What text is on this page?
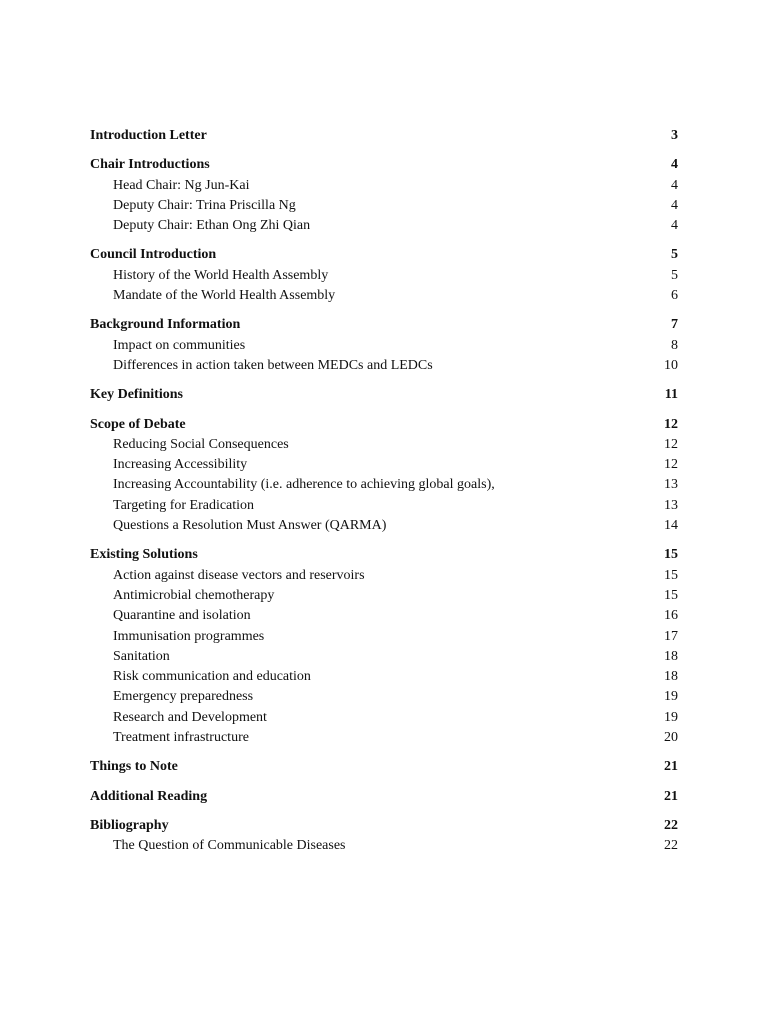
Introduction Letter	3
Chair Introductions	4
Head Chair: Ng Jun-Kai	4
Deputy Chair: Trina Priscilla Ng	4
Deputy Chair: Ethan Ong Zhi Qian	4
Council Introduction	5
History of the World Health Assembly	5
Mandate of the World Health Assembly	6
Background Information	7
Impact on communities	8
Differences in action taken between MEDCs and LEDCs	10
Key Definitions	11
Scope of Debate	12
Reducing Social Consequences	12
Increasing Accessibility	12
Increasing Accountability (i.e. adherence to achieving global goals),	13
Targeting for Eradication	13
Questions a Resolution Must Answer (QARMA)	14
Existing Solutions	15
Action against disease vectors and reservoirs	15
Antimicrobial chemotherapy	15
Quarantine and isolation	16
Immunisation programmes	17
Sanitation	18
Risk communication and education	18
Emergency preparedness	19
Research and Development	19
Treatment infrastructure	20
Things to Note	21
Additional Reading	21
Bibliography	22
The Question of Communicable Diseases	22
